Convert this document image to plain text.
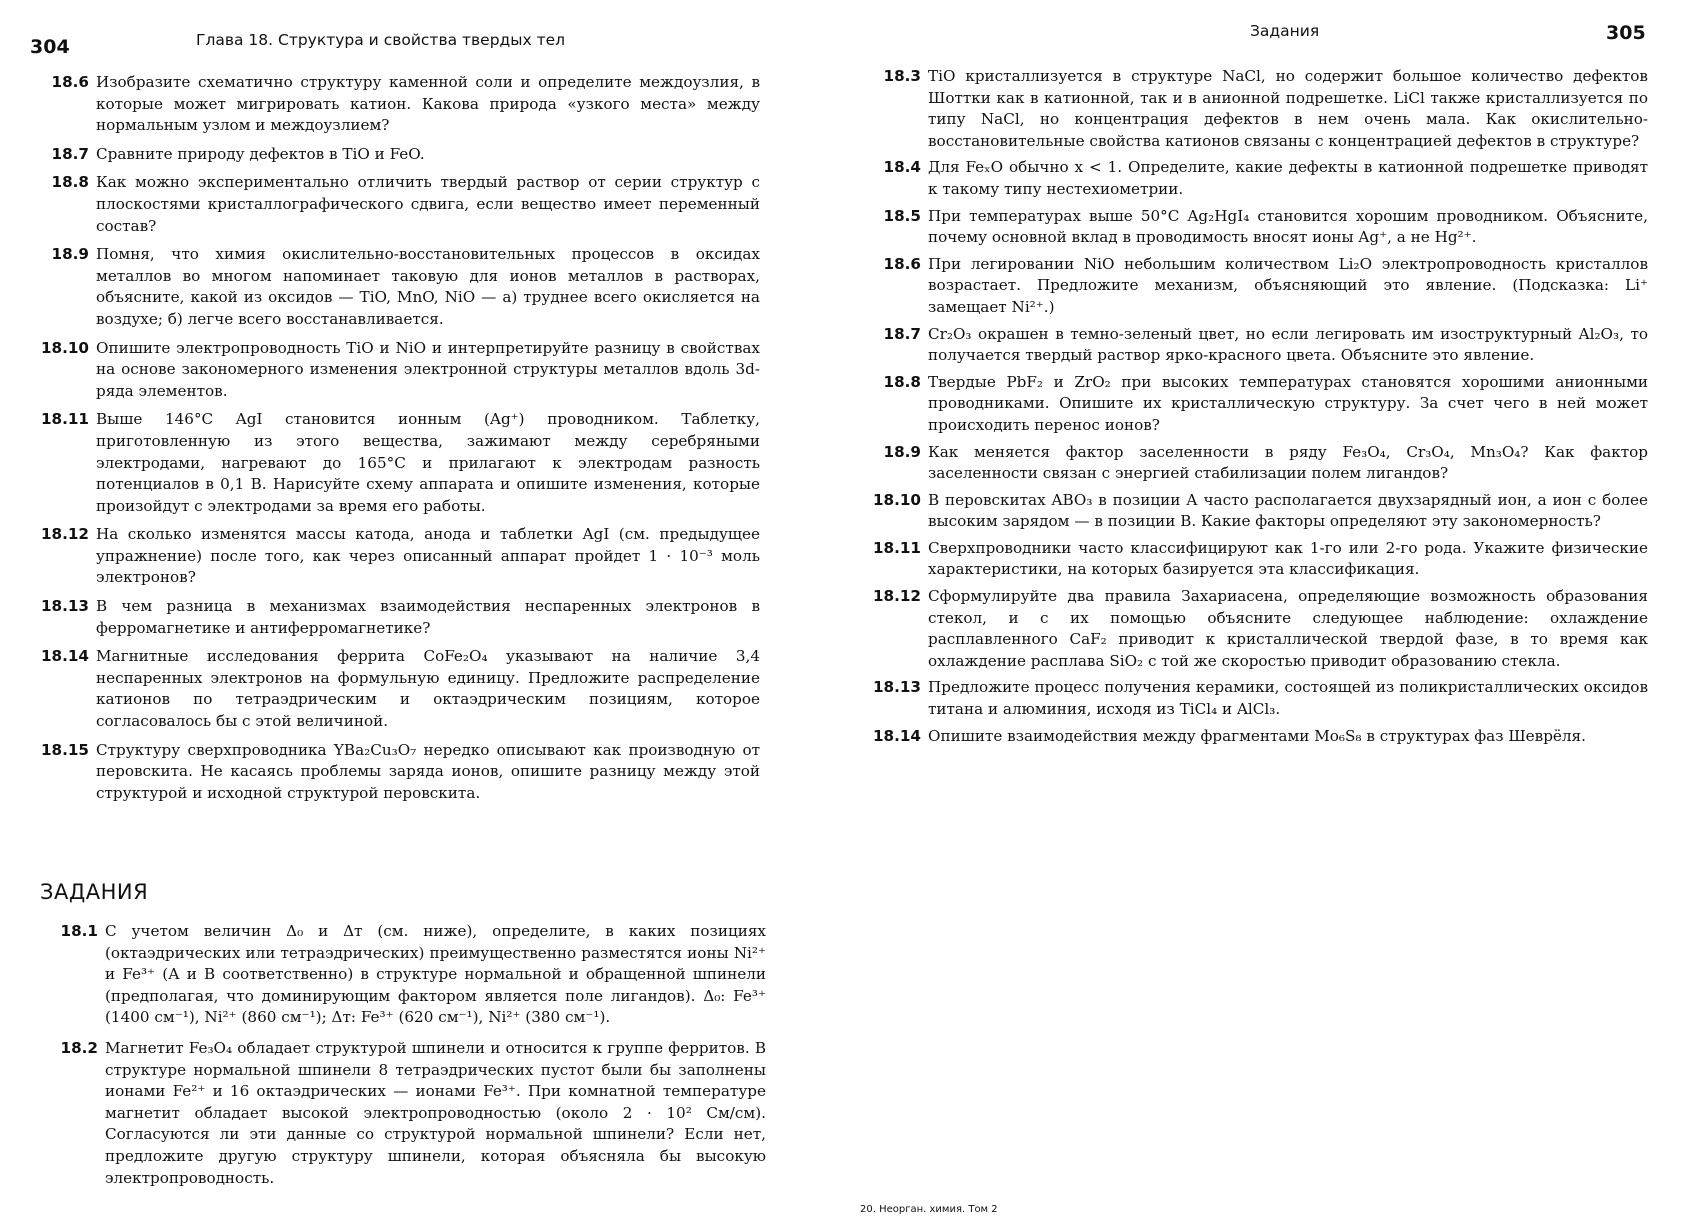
304	Глава 18. Структура и свойства твердых тел
18.6 Изобразите схематично структуру каменной соли и определите междоузлия, в которые может мигрировать катион. Какова природа «узкого места» между нормальным узлом и междоузлием?
18.7 Сравните природу дефектов в TiO и FeO.
18.8 Как можно экспериментально отличить твердый раствор от серии структур с плоскостями кристаллографического сдвига, если вещество имеет переменный состав?
18.9 Помня, что химия окислительно-восстановительных процессов в оксидах металлов во многом напоминает таковую для ионов металлов в растворах, объясните, какой из оксидов — TiO, MnO, NiO — а) труднее всего окисляется на воздухе; б) легче всего восстанавливается.
18.10 Опишите электропроводность TiO и NiO и интерпретируйте разницу в свойствах на основе закономерного изменения электронной структуры металлов вдоль 3d-ряда элементов.
18.11 Выше 146°C AgI становится ионным (Ag⁺) проводником. Таблетку, приготовленную из этого вещества, зажимают между серебряными электродами, нагревают до 165°C и прилагают к электродам разность потенциалов в 0,1 В. Нарисуйте схему аппарата и опишите изменения, которые произойдут с электродами за время его работы.
18.12 На сколько изменятся массы катода, анода и таблетки AgI (см. предыдущее упражнение) после того, как через описанный аппарат пройдет 1 · 10⁻³ моль электронов?
18.13 В чем разница в механизмах взаимодействия неспаренных электронов в ферромагнетике и антиферромагнетике?
18.14 Магнитные исследования феррита CoFe₂O₄ указывают на наличие 3,4 неспаренных электронов на формульную единицу. Предложите распределение катионов по тетраэдрическим и октаэдрическим позициям, которое согласовалось бы с этой величиной.
18.15 Структуру сверхпроводника YBa₂Cu₃O₇ нередко описывают как производную от перовскита. Не касаясь проблемы заряда ионов, опишите разницу между этой структурой и исходной структурой перовскита.
ЗАДАНИЯ
18.1 С учетом величин Δ₀ и Δт (см. ниже), определите, в каких позициях (октаэдрических или тетраэдрических) преимущественно разместятся ионы Ni²⁺ и Fe³⁺ (А и В соответственно) в структуре нормальной и обращенной шпинели (предполагая, что доминирующим фактором является поле лигандов). Δ₀: Fe³⁺ (1400 см⁻¹), Ni²⁺ (860 см⁻¹); Δт: Fe³⁺ (620 см⁻¹), Ni²⁺ (380 см⁻¹).
18.2 Магнетит Fe₃O₄ обладает структурой шпинели и относится к группе ферритов. В структуре нормальной шпинели 8 тетраэдрических пустот были бы заполнены ионами Fe²⁺ и 16 октаэдрических — ионами Fe³⁺. При комнатной температуре магнетит обладает высокой электропроводностью (около 2 · 10² См/см). Согласуются ли эти данные со структурой нормальной шпинели? Если нет, предложите другую структуру шпинели, которая объясняла бы высокую электропроводность.
Задания	305
18.3 TiO кристаллизуется в структуре NaCl, но содержит большое количество дефектов Шоттки как в катионной, так и в анионной подрешетке. LiCl также кристаллизуется по типу NaCl, но концентрация дефектов в нем очень мала. Как окислительно-восстановительные свойства катионов связаны с концентрацией дефектов в структуре?
18.4 Для FeₓO обычно x < 1. Определите, какие дефекты в катионной подрешетке приводят к такому типу нестехиометрии.
18.5 При температурах выше 50°C Ag₂HgI₄ становится хорошим проводником. Объясните, почему основной вклад в проводимость вносят ионы Ag⁺, а не Hg²⁺.
18.6 При легировании NiO небольшим количеством Li₂O электропроводность кристаллов возрастает. Предложите механизм, объясняющий это явление. (Подсказка: Li⁺ замещает Ni²⁺.)
18.7 Cr₂O₃ окрашен в темно-зеленый цвет, но если легировать им изоструктурный Al₂O₃, то получается твердый раствор ярко-красного цвета. Объясните это явление.
18.8 Твердые PbF₂ и ZrO₂ при высоких температурах становятся хорошими анионными проводниками. Опишите их кристаллическую структуру. За счет чего в ней может происходить перенос ионов?
18.9 Как меняется фактор заселенности в ряду Fe₃O₄, Cr₃O₄, Mn₃O₄? Как фактор заселенности связан с энергией стабилизации полем лигандов?
18.10 В перовскитах ABO₃ в позиции А часто располагается двухзарядный ион, а ион с более высоким зарядом — в позиции В. Какие факторы определяют эту закономерность?
18.11 Сверхпроводники часто классифицируют как 1-го или 2-го рода. Укажите физические характеристики, на которых базируется эта классификация.
18.12 Сформулируйте два правила Захариасена, определяющие возможность образования стекол, и с их помощью объясните следующее наблюдение: охлаждение расплавленного CaF₂ приводит к кристаллической твердой фазе, в то время как охлаждение расплава SiO₂ с той же скоростью приводит образованию стекла.
18.13 Предложите процесс получения керамики, состоящей из поликристаллических оксидов титана и алюминия, исходя из TiCl₄ и AlCl₃.
18.14 Опишите взаимодействия между фрагментами Mo₆S₈ в структурах фаз Шеврёля.
20. Неорган. химия. Том 2
